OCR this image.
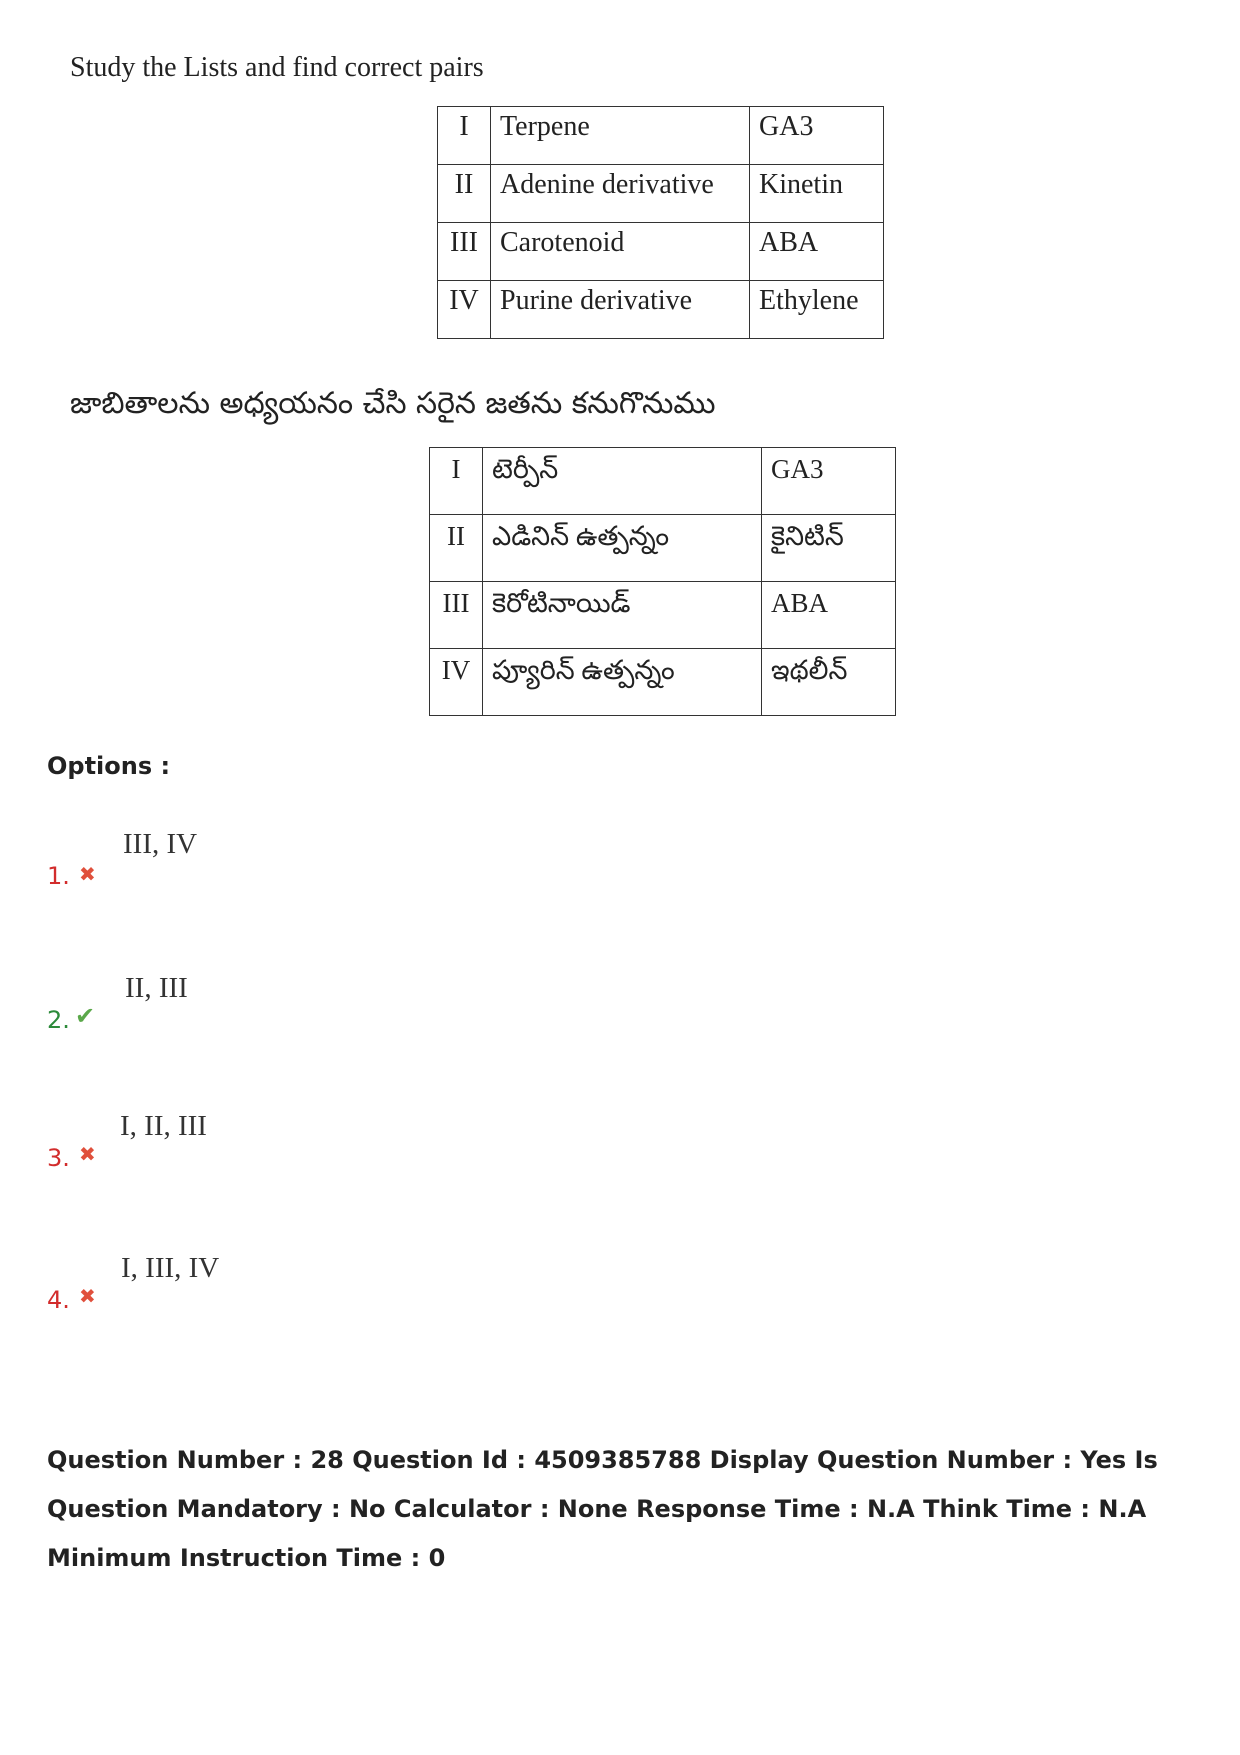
Study the Lists and find correct pairs
I	Terpene	GA3
II	Adenine derivative	Kinetin
III	Carotenoid	ABA
IV	Purine derivative	Ethylene
జాబితాలను అధ్యయనం చేసి సరైన జతను కనుగొనుము
I	టెర్పీన్	GA3
II	ఎడినిన్ ఉత్పన్నం	కైనిటిన్
III	కెరోటినాయిడ్	ABA
IV	ప్యూరిన్ ఉత్పన్నం	ఇథలీన్
Options :
1. ✖
III, IV
2. ✔
II, III
3. ✖
I, II, III
4. ✖
I, III, IV
Question Number : 28 Question Id : 4509385788 Display Question Number : Yes Is Question Mandatory : No Calculator : None Response Time : N.A Think Time : N.A Minimum Instruction Time : 0
